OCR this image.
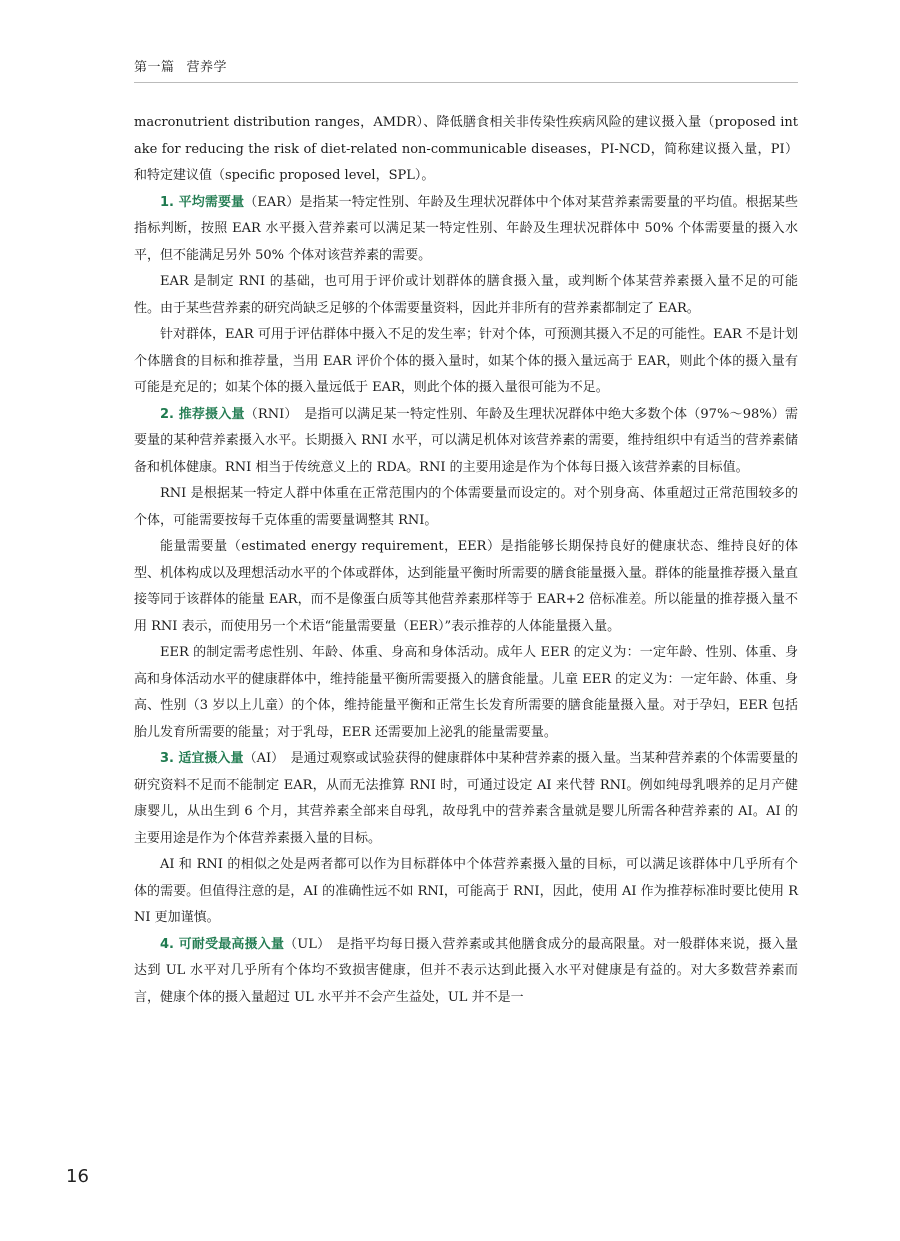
第一篇 营养学

macronutrient distribution ranges，AMDR）、降低膳食相关非传染性疾病风险的建议摄入量（proposed intake for reducing the risk of diet-related non-communicable diseases，PI-NCD，简称建议摄入量，PI）和特定建议值（specific proposed level，SPL）。

1. 平均需要量（EAR）是指某一特定性别、年龄及生理状况群体中个体对某营养素需要量的平均值。根据某些指标判断，按照 EAR 水平摄入营养素可以满足某一特定性别、年龄及生理状况群体中 50% 个体需要量的摄入水平，但不能满足另外 50% 个体对该营养素的需要。

EAR 是制定 RNI 的基础，也可用于评价或计划群体的膳食摄入量，或判断个体某营养素摄入量不足的可能性。由于某些营养素的研究尚缺乏足够的个体需要量资料，因此并非所有的营养素都制定了 EAR。

针对群体，EAR 可用于评估群体中摄入不足的发生率；针对个体，可预测其摄入不足的可能性。EAR 不是计划个体膳食的目标和推荐量，当用 EAR 评价个体的摄入量时，如某个体的摄入量远高于 EAR，则此个体的摄入量有可能是充足的；如某个体的摄入量远低于 EAR，则此个体的摄入量很可能为不足。

2. 推荐摄入量（RNI）　是指可以满足某一特定性别、年龄及生理状况群体中绝大多数个体（97%～98%）需要量的某种营养素摄入水平。长期摄入 RNI 水平，可以满足机体对该营养素的需要，维持组织中有适当的营养素储备和机体健康。RNI 相当于传统意义上的 RDA。RNI 的主要用途是作为个体每日摄入该营养素的目标值。

RNI 是根据某一特定人群中体重在正常范围内的个体需要量而设定的。对个别身高、体重超过正常范围较多的个体，可能需要按每千克体重的需要量调整其 RNI。

能量需要量（estimated energy requirement，EER）是指能够长期保持良好的健康状态、维持良好的体型、机体构成以及理想活动水平的个体或群体，达到能量平衡时所需要的膳食能量摄入量。群体的能量推荐摄入量直接等同于该群体的能量 EAR，而不是像蛋白质等其他营养素那样等于 EAR+2 倍标准差。所以能量的推荐摄入量不用 RNI 表示，而使用另一个术语“能量需要量（EER）”表示推荐的人体能量摄入量。

EER 的制定需考虑性别、年龄、体重、身高和身体活动。成年人 EER 的定义为：一定年龄、性别、体重、身高和身体活动水平的健康群体中，维持能量平衡所需要摄入的膳食能量。儿童 EER 的定义为：一定年龄、体重、身高、性别（3 岁以上儿童）的个体，维持能量平衡和正常生长发育所需要的膳食能量摄入量。对于孕妇，EER 包括胎儿发育所需要的能量；对于乳母，EER 还需要加上泌乳的能量需要量。

3. 适宜摄入量（AI）　是通过观察或试验获得的健康群体中某种营养素的摄入量。当某种营养素的个体需要量的研究资料不足而不能制定 EAR，从而无法推算 RNI 时，可通过设定 AI 来代替 RNI。例如纯母乳喂养的足月产健康婴儿，从出生到 6 个月，其营养素全部来自母乳，故母乳中的营养素含量就是婴儿所需各种营养素的 AI。AI 的主要用途是作为个体营养素摄入量的目标。

AI 和 RNI 的相似之处是两者都可以作为目标群体中个体营养素摄入量的目标，可以满足该群体中几乎所有个体的需要。但值得注意的是，AI 的准确性远不如 RNI，可能高于 RNI，因此，使用 AI 作为推荐标准时要比使用 RNI 更加谨慎。

4. 可耐受最高摄入量（UL）　是指平均每日摄入营养素或其他膳食成分的最高限量。对一般群体来说，摄入量达到 UL 水平对几乎所有个体均不致损害健康，但并不表示达到此摄入水平对健康是有益的。对大多数营养素而言，健康个体的摄入量超过 UL 水平并不会产生益处，UL 并不是一

16
